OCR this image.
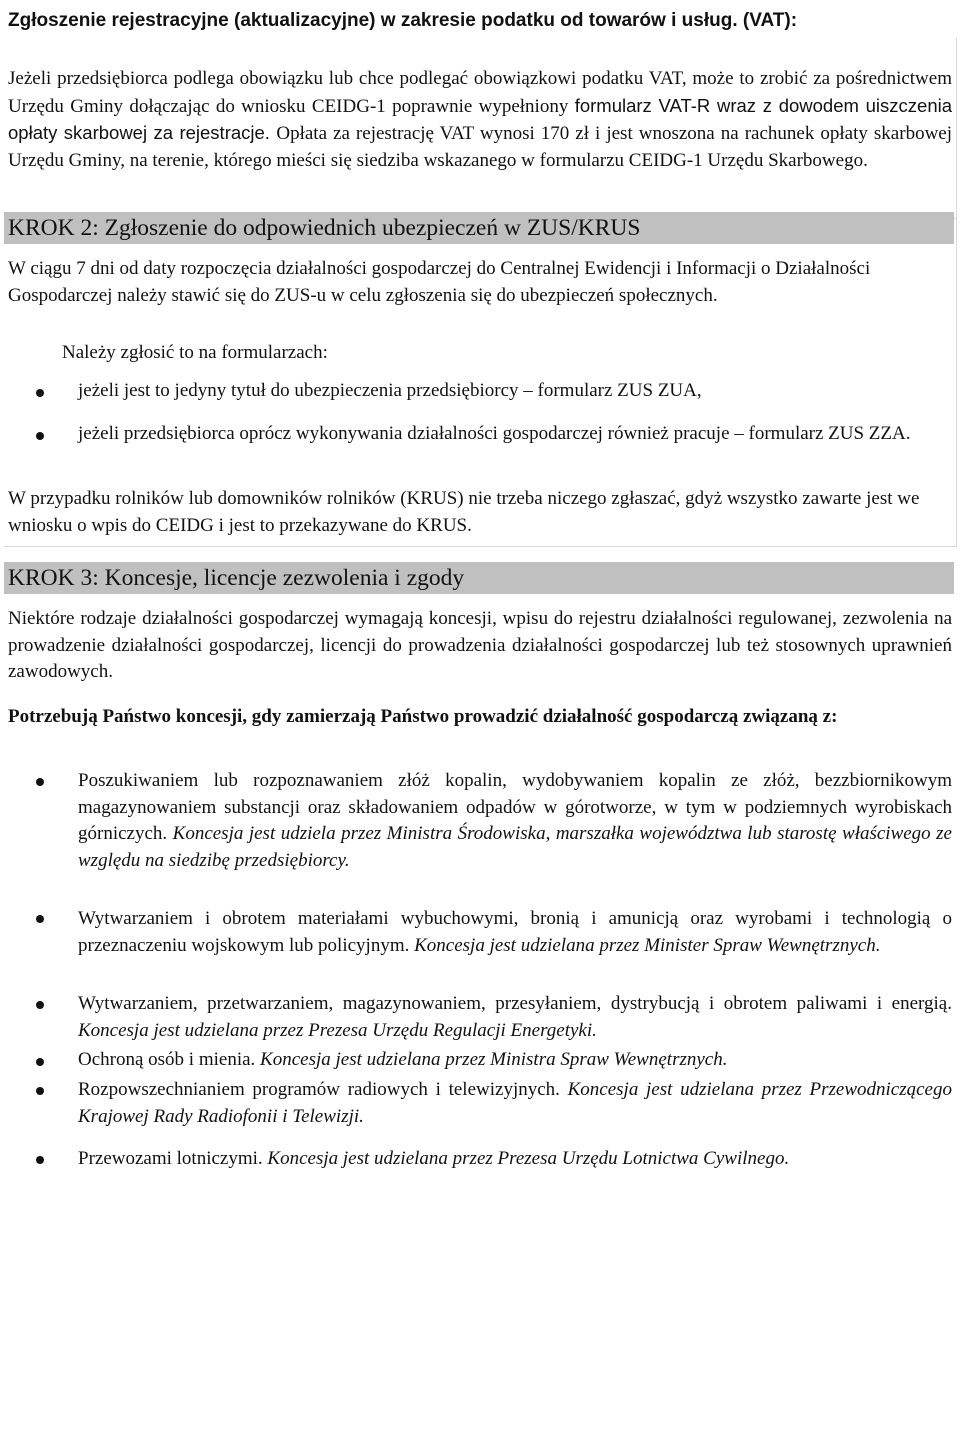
Zgłoszenie rejestracyjne (aktualizacyjne) w zakresie podatku od towarów i usług. (VAT):
Jeżeli przedsiębiorca podlega obowiązku lub chce podlegać obowiązkowi podatku VAT, może to zrobić za pośrednictwem Urzędu Gminy dołączając do wniosku CEIDG-1 poprawnie wypełniony formularz VAT-R wraz z dowodem uiszczenia opłaty skarbowej za rejestracje. Opłata za rejestrację VAT wynosi 170 zł i jest wnoszona na rachunek opłaty skarbowej Urzędu Gminy, na terenie, którego mieści się siedziba wskazanego w formularzu CEIDG-1 Urzędu Skarbowego.
KROK 2: Zgłoszenie do odpowiednich ubezpieczeń w ZUS/KRUS
W ciągu 7 dni od daty rozpoczęcia działalności gospodarczej do Centralnej Ewidencji i Informacji o Działalności Gospodarczej należy stawić się do ZUS-u w celu zgłoszenia się do ubezpieczeń społecznych.
Należy zgłosić to na formularzach:
jeżeli jest to jedyny tytuł do ubezpieczenia przedsiębiorcy – formularz ZUS ZUA,
jeżeli przedsiębiorca oprócz wykonywania działalności gospodarczej również pracuje – formularz ZUS ZZA.
W przypadku rolników lub domowników rolników (KRUS) nie trzeba niczego zgłaszać, gdyż wszystko zawarte jest we wniosku o wpis do CEIDG i jest to przekazywane do KRUS.
KROK 3: Koncesje, licencje zezwolenia i zgody
Niektóre rodzaje działalności gospodarczej wymagają koncesji, wpisu do rejestru działalności regulowanej, zezwolenia na prowadzenie działalności gospodarczej, licencji do prowadzenia działalności gospodarczej lub też stosownych uprawnień zawodowych.
Potrzebują Państwo koncesji, gdy zamierzają Państwo prowadzić działalność gospodarczą związaną z:
Poszukiwaniem lub rozpoznawaniem złóż kopalin, wydobywaniem kopalin ze złóż, bezzbiornikowym magazynowaniem substancji oraz składowaniem odpadów w górotworze, w tym w podziemnych wyrobiskach górniczych. Koncesja jest udziela przez Ministra Środowiska, marszałka województwa lub starostę właściwego ze względu na siedzibę przedsiębiorcy.
Wytwarzaniem i obrotem materiałami wybuchowymi, bronią i amunicją oraz wyrobami i technologią o przeznaczeniu wojskowym lub policyjnym. Koncesja jest udzielana przez Minister Spraw Wewnętrznych.
Wytwarzaniem, przetwarzaniem, magazynowaniem, przesyłaniem, dystrybucją i obrotem paliwami i energią. Koncesja jest udzielana przez Prezesa Urzędu Regulacji Energetyki.
Ochroną osób i mienia. Koncesja jest udzielana przez Ministra Spraw Wewnętrznych.
Rozpowszechnianiem programów radiowych i telewizyjnych. Koncesja jest udzielana przez Przewodniczącego Krajowej Rady Radiofonii i Telewizji.
Przewozami lotniczymi. Koncesja jest udzielana przez Prezesa Urzędu Lotnictwa Cywilnego.
